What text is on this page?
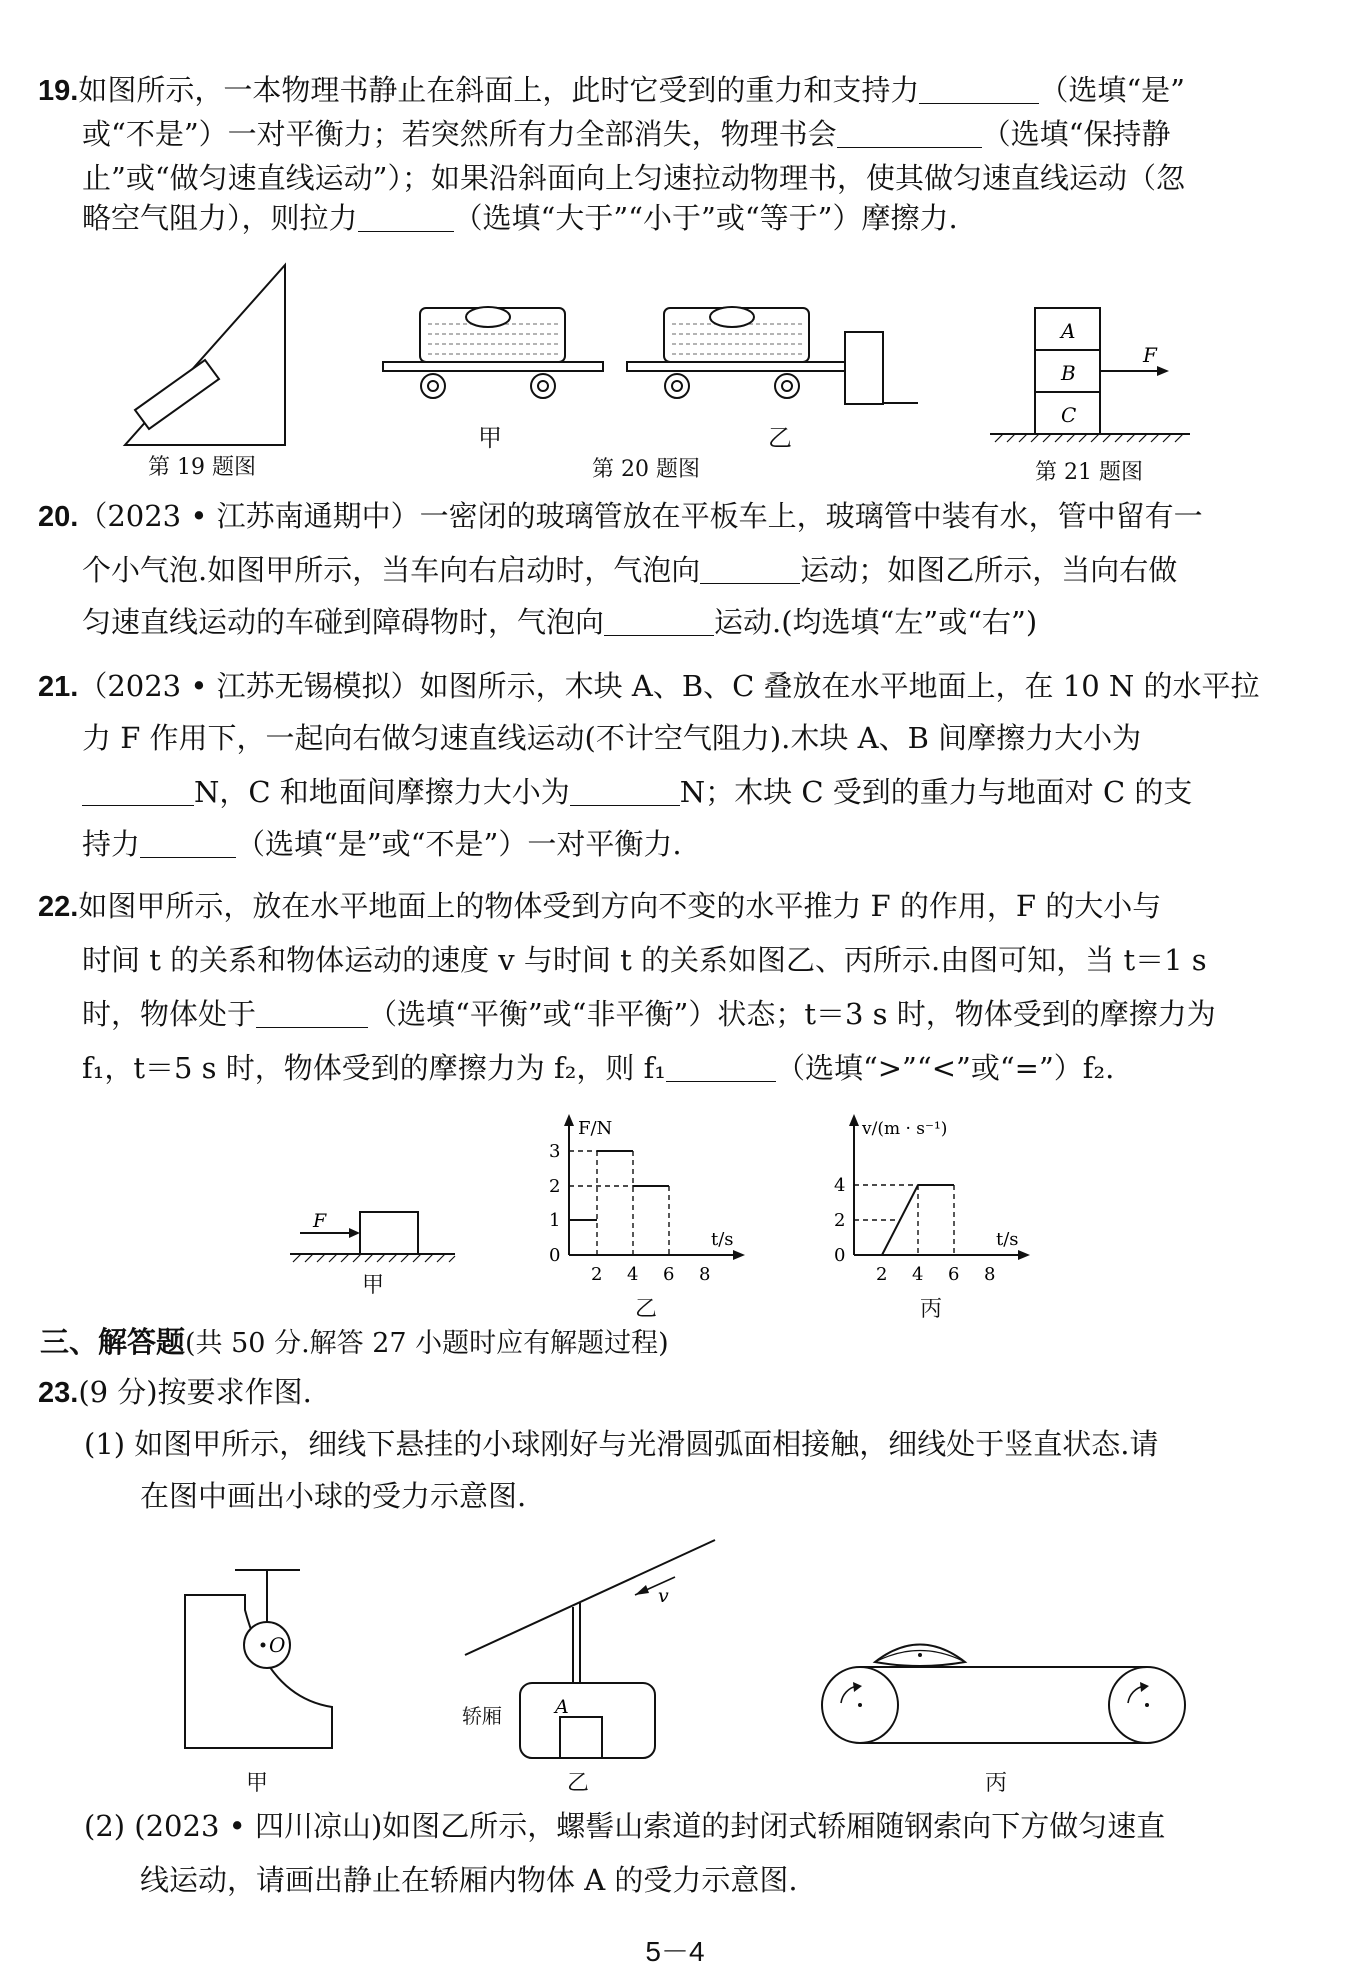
19.如图所示，一本物理书静止在斜面上，此时它受到的重力和支持力	（选填“是”
或“不是”）一对平衡力；若突然所有力全部消失，物理书会	（选填“保持静
止”或“做匀速直线运动”）；如果沿斜面向上匀速拉动物理书，使其做匀速直线运动（忽
略空气阻力），则拉力	（选填“大于”“小于”或“等于”）摩擦力.
第 19 题图
甲	乙
第 20 题图
A
B
C
F
第 21 题图
20.（2023 • 江苏南通期中）一密闭的玻璃管放在平板车上，玻璃管中装有水，管中留有一
个小气泡.如图甲所示，当车向右启动时，气泡向	运动；如图乙所示，当向右做
匀速直线运动的车碰到障碍物时，气泡向	运动.(均选填“左”或“右”)
21.（2023 • 江苏无锡模拟）如图所示，木块 A、B、C 叠放在水平地面上，在 10 N 的水平拉
力 F 作用下，一起向右做匀速直线运动(不计空气阻力).木块 A、B 间摩擦力大小为
N，C 和地面间摩擦力大小为	N；木块 C 受到的重力与地面对 C 的支
持力	（选填“是”或“不是”）一对平衡力.
22.如图甲所示，放在水平地面上的物体受到方向不变的水平推力 F 的作用，F 的大小与
时间 t 的关系和物体运动的速度 v 与时间 t 的关系如图乙、丙所示.由图可知，当 t＝1 s
时，物体处于	（选填“平衡”或“非平衡”）状态；t＝3 s 时，物体受到的摩擦力为
f₁，t＝5 s 时，物体受到的摩擦力为 f₂，则 f₁	（选填“>”“<”或“=”）f₂.
F
甲
F/N
t/s
0
1
2
3
2 4 6 8
乙
v/(m · s⁻¹)
t/s
0
2
4
2 4 6 8
丙
三、解答题(共 50 分.解答 27 小题时应有解题过程)
23.(9 分)按要求作图.
(1) 如图甲所示，细线下悬挂的小球刚好与光滑圆弧面相接触，细线处于竖直状态.请
在图中画出小球的受力示意图.
O
甲
v
A
轿厢
乙	丙
(2) (2023 • 四川凉山)如图乙所示，螺髻山索道的封闭式轿厢随钢索向下方做匀速直
线运动，请画出静止在轿厢内物体 A 的受力示意图.
5－4
